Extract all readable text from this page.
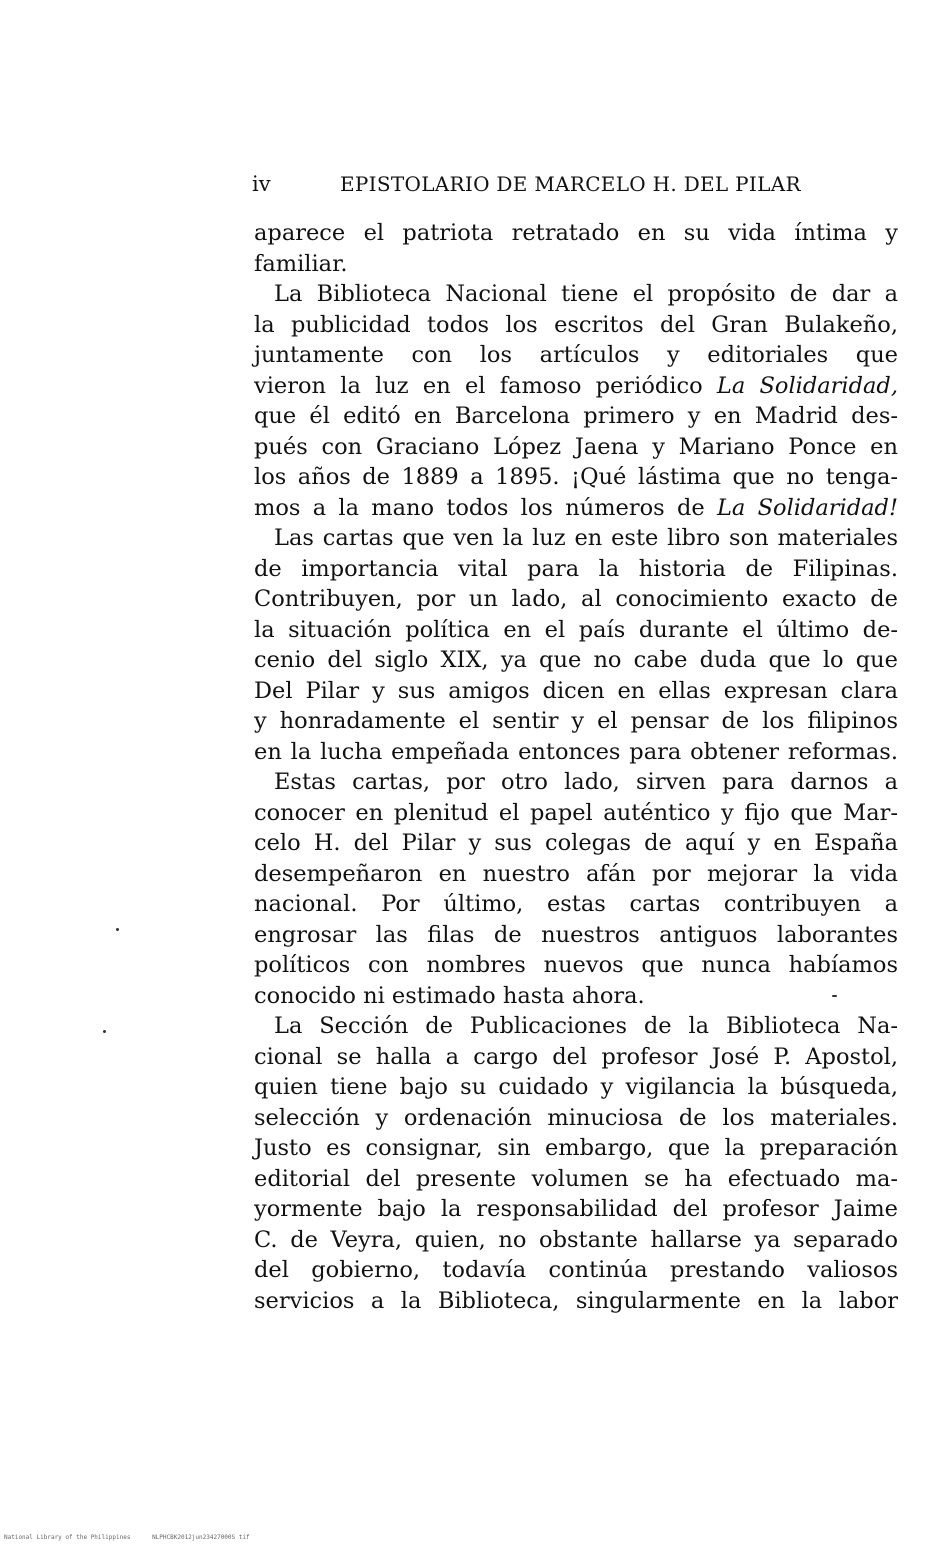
iv	EPISTOLARIO DE MARCELO H. DEL PILAR
aparece el patriota retratado en su vida íntima y
familiar.
La Biblioteca Nacional tiene el propósito de dar a
la publicidad todos los escritos del Gran Bulakeño,
juntamente con los artículos y editoriales que
vieron la luz en el famoso periódico La Solidaridad,
que él editó en Barcelona primero y en Madrid des-
pués con Graciano López Jaena y Mariano Ponce en
los años de 1889 a 1895. ¡Qué lástima que no tenga-
mos a la mano todos los números de La Solidaridad!
Las cartas que ven la luz en este libro son materiales
de importancia vital para la historia de Filipinas.
Contribuyen, por un lado, al conocimiento exacto de
la situación política en el país durante el último de-
cenio del siglo XIX, ya que no cabe duda que lo que
Del Pilar y sus amigos dicen en ellas expresan clara
y honradamente el sentir y el pensar de los filipinos
en la lucha empeñada entonces para obtener reformas.
Estas cartas, por otro lado, sirven para darnos a
conocer en plenitud el papel auténtico y fijo que Mar-
celo H. del Pilar y sus colegas de aquí y en España
desempeñaron en nuestro afán por mejorar la vida
nacional. Por último, estas cartas contribuyen a
engrosar las filas de nuestros antiguos laborantes
políticos con nombres nuevos que nunca habíamos
conocido ni estimado hasta ahora.
La Sección de Publicaciones de la Biblioteca Na-
cional se halla a cargo del profesor José P. Apostol,
quien tiene bajo su cuidado y vigilancia la búsqueda,
selección y ordenación minuciosa de los materiales.
Justo es consignar, sin embargo, que la preparación
editorial del presente volumen se ha efectuado ma-
yormente bajo la responsabilidad del profesor Jaime
C. de Veyra, quien, no obstante hallarse ya separado
del gobierno, todavía continúa prestando valiosos
servicios a la Biblioteca, singularmente en la labor
National Library of the Philippines	NLPHCBK2012jun23427000S tif
